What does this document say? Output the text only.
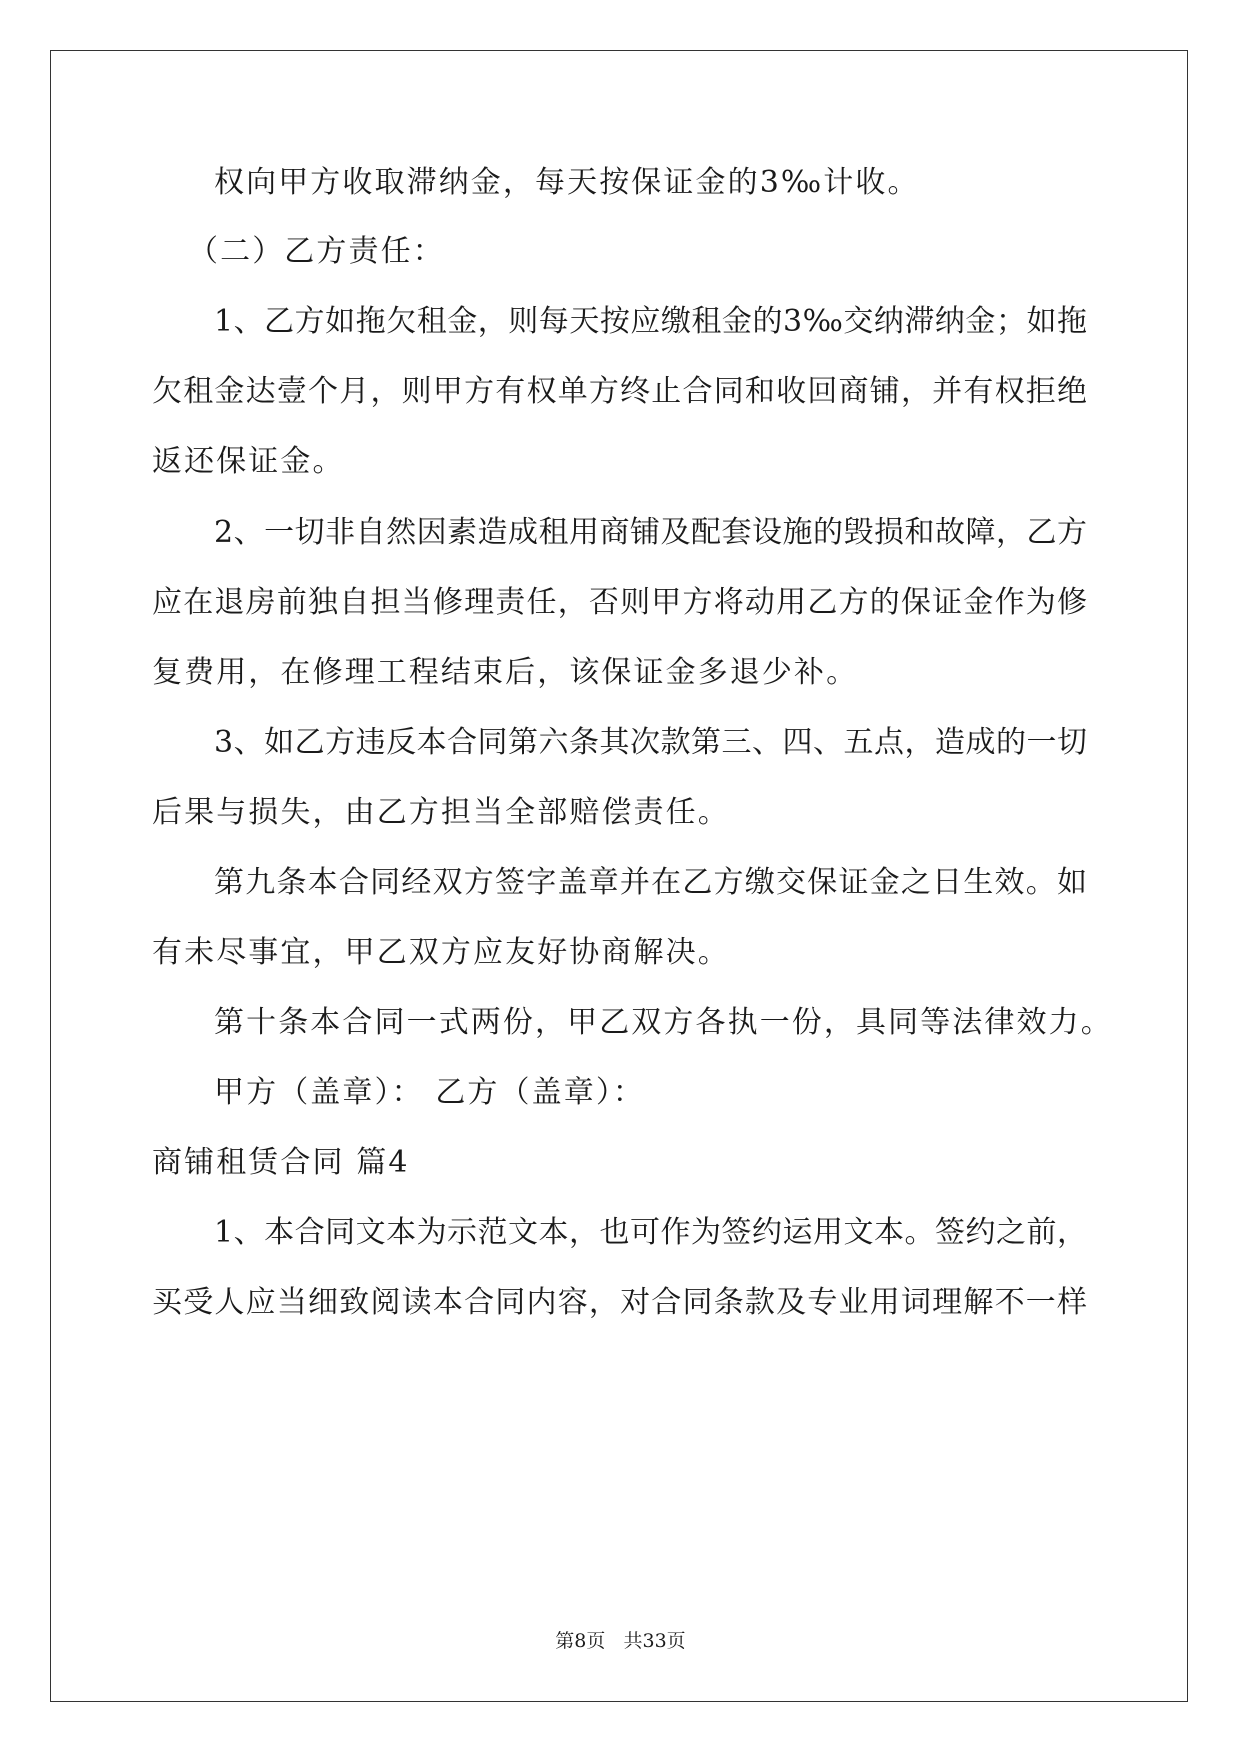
权向甲方收取滞纳金，每天按保证金的3‰计收。
（二）乙方责任：
1、乙方如拖欠租金，则每天按应缴租金的3‰交纳滞纳金；如拖
欠租金达壹个月，则甲方有权单方终止合同和收回商铺，并有权拒绝
返还保证金。
2、一切非自然因素造成租用商铺及配套设施的毁损和故障，乙方
应在退房前独自担当修理责任，否则甲方将动用乙方的保证金作为修
复费用，在修理工程结束后，该保证金多退少补。
3、如乙方违反本合同第六条其次款第三、四、五点，造成的一切
后果与损失，由乙方担当全部赔偿责任。
第九条本合同经双方签字盖章并在乙方缴交保证金之日生效。如
有未尽事宜，甲乙双方应友好协商解决。
第十条本合同一式两份，甲乙双方各执一份，具同等法律效力。
甲方（盖章）： 乙方（盖章）：
商铺租赁合同 篇4
1、本合同文本为示范文本，也可作为签约运用文本。签约之前，
买受人应当细致阅读本合同内容，对合同条款及专业用词理解不一样
第8页   共33页
